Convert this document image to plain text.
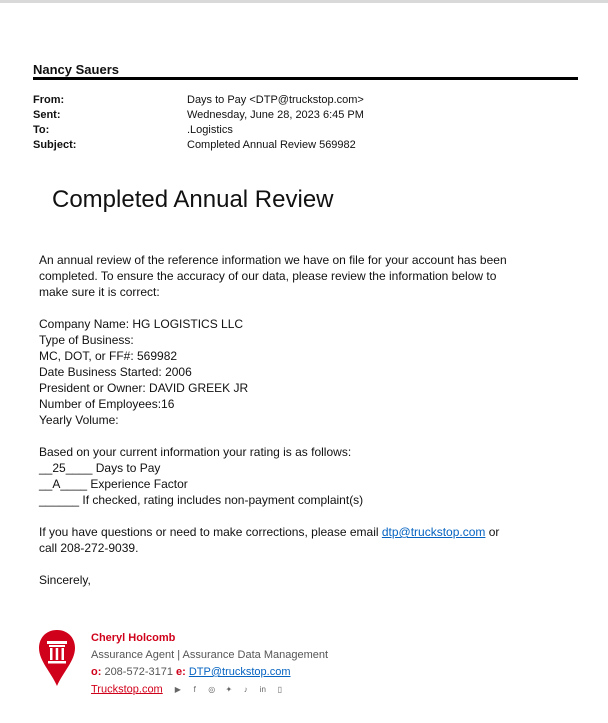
Nancy Sauers
From:	Days to Pay <DTP@truckstop.com>
Sent:	Wednesday, June 28, 2023 6:45 PM
To:	.Logistics
Subject:	Completed Annual Review 569982
Completed Annual Review

An annual review of the reference information we have on file for your account has been completed. To ensure the accuracy of our data, please review the information below to make sure it is correct:

Company Name: HG LOGISTICS LLC

Type of Business:

MC, DOT, or FF#: 569982

Date Business Started: 2006

President or Owner: DAVID GREEK JR

Number of Employees:16

Yearly Volume:

Based on your current information your rating is as follows:

__25____ Days to Pay

__A____ Experience Factor

______ If checked, rating includes non-payment complaint(s)

If you have questions or need to make corrections, please email dtp@truckstop.com or call 208-272-9039.

Sincerely,

Cheryl Holcomb
Assurance Agent | Assurance Data Management
o: 208-572-3171 e: DTP@truckstop.com
Truckstop.com ▶	f	◎ ✦ ♪ in ▯
